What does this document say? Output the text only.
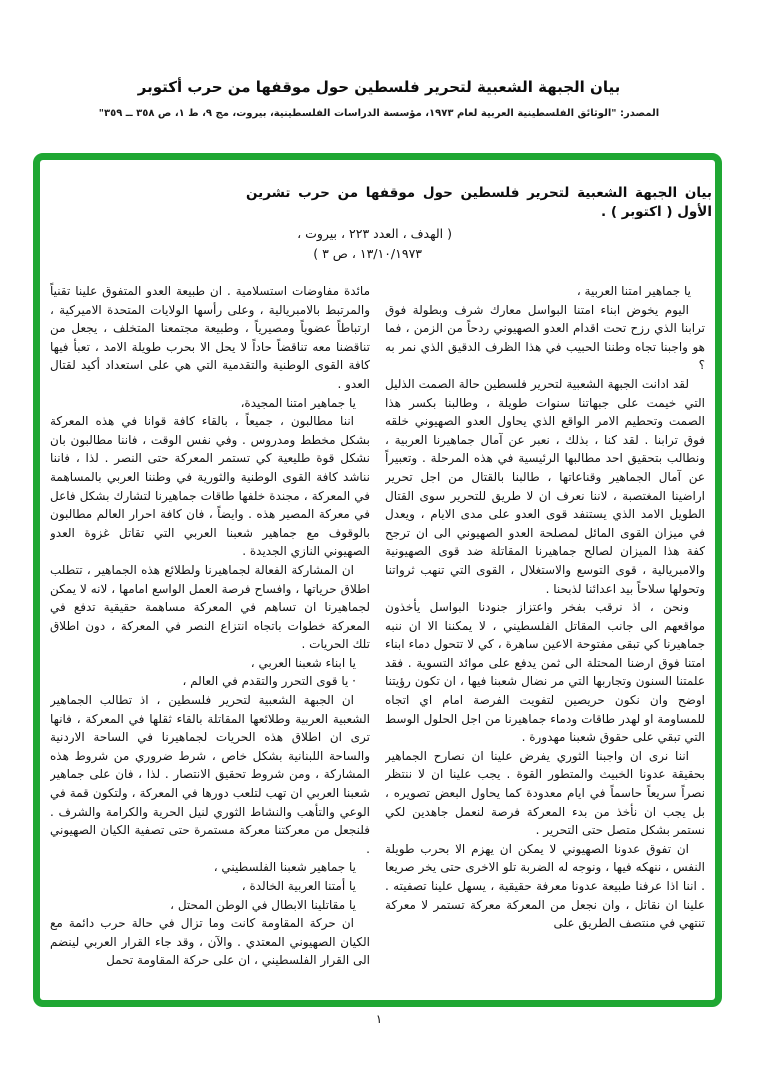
بيان الجبهة الشعبية لتحرير فلسطين حول موقفها من حرب أكتوبر
المصدر: "الوثائق الفلسطينية العربية لعام ١٩٧٣، مؤسسة الدراسات الفلسطينية، بيروت، مج ٩، ط ١، ص ٣٥٨ ــ ٣٥٩"
بيان الجبهة الشعبية لتحرير فلسطين حول موقفها من حرب تشرين الأول ( اكتوبر ) .
( الهدف ، العدد ٢٢٣ ، بيروت ،
١٣/١٠/١٩٧٣ ، ص ٣ )

يا جماهير امتنا العربية ،

اليوم يخوض ابناء امتنا البواسل معارك شرف وبطولة فوق ترابنا الذي رزح تحت اقدام العدو الصهيوني ردحاً من الزمن ، فما هو واجبنا تجاه وطننا الحبيب في هذا الظرف الدقيق الذي نمر به ؟

لقد ادانت الجبهة الشعبية لتحرير فلسطين حالة الصمت الذليل التي خيمت على جبهاتنا سنوات طويلة ، وطالبنا بكسر هذا الصمت وتحطيم الامر الواقع الذي يحاول العدو الصهيوني خلقه فوق ترابنا . لقد كنا ، بذلك ، نعبر عن آمال جماهيرنا العربية ، ونطالب بتحقيق احد مطالبها الرئيسية في هذه المرحلة . وتعبيراً عن آمال الجماهير وقناعاتها ، طالبنا بالقتال من اجل تحرير اراضينا المغتصبة ، لاننا نعرف ان لا طريق للتحرير سوى القتال الطويل الامد الذي يستنفد قوى العدو على مدى الايام ، ويعدل في ميزان القوى المائل لمصلحة العدو الصهيوني الى ان ترجح كفة هذا الميزان لصالح جماهيرنا المقاتلة ضد قوى الصهيونية والامبريالية ، قوى التوسع والاستغلال ، القوى التي تنهب ثرواتنا وتحولها سلاحاً بيد اعدائنا لذبحنا .

ونحن ، اذ نرقب بفخر واعتزاز جنودنا البواسل يأخذون مواقعهم الى جانب المقاتل الفلسطيني ، لا يمكننا الا ان ننبه جماهيرنا كي تبقى مفتوحة الاعين ساهرة ، كي لا تتحول دماء ابناء امتنا فوق ارضنا المحتلة الى ثمن يدفع على موائد التسوية . فقد علمتنا السنون وتجاربها التي مر نضال شعبنا فيها ، ان تكون رؤيتنا اوضح وان نكون حريصين لتفويت الفرصة امام اي اتجاه للمساومة او لهدر طاقات ودماء جماهيرنا من اجل الحلول الوسط التي تبقي على حقوق شعبنا مهدورة .

اننا نرى ان واجبنا الثوري يفرض علينا ان نصارح الجماهير بحقيقة عدونا الخبيث والمتطور القوة . يجب علينا ان لا ننتظر نصراً سريعاً حاسماً في ايام معدودة كما يحاول البعض تصويره ، بل يجب ان نأخذ من بدء المعركة فرصة لنعمل جاهدين لكي نستمر بشكل متصل حتى التحرير .

ان تفوق عدونا الصهيوني لا يمكن ان يهزم الا بحرب طويلة النفس ، ننهكه فيها ، ونوجه له الضربة تلو الاخرى حتى يخر صريعا . اننا اذا عرفنا طبيعة عدونا معرفة حقيقية ، يسهل علينا تصفيته . علينا ان نقاتل ، وان نجعل من المعركة معركة تستمر لا معركة تنتهي في منتصف الطريق على

مائدة مفاوضات استسلامية . ان طبيعة العدو المتفوق علينا تقنياً والمرتبط بالامبريالية ، وعلى رأسها الولايات المتحدة الاميركية ، ارتباطاً عضوياً ومصيرياً ، وطبيعة مجتمعنا المتخلف ، يجعل من تناقضنا معه تناقضاً حاداً لا يحل الا بحرب طويلة الامد ، تعبأ فيها كافة القوى الوطنية والتقدمية التي هي على استعداد أكيد لقتال العدو .

يا جماهير امتنا المجيدة،

اننا مطالبون ، جميعاً ، بالقاء كافة قوانا في هذه المعركة بشكل مخطط ومدروس . وفي نفس الوقت ، فاننا مطالبون بان نشكل قوة طليعية كي تستمر المعركة حتى النصر . لذا ، فاننا نناشد كافة القوى الوطنية والثورية في وطننا العربي بالمساهمة في المعركة ، مجندة خلفها طاقات جماهيرنا لتشارك بشكل فاعل في معركة المصير هذه . وايضاً ، فان كافة احرار العالم مطالبون بالوقوف مع جماهير شعبنا العربي التي تقاتل غزوة العدو الصهيوني النازي الجديدة .

ان المشاركة الفعالة لجماهيرنا ولطلائع هذه الجماهير ، تتطلب اطلاق حرياتها ، وافساح فرصة العمل الواسع امامها ، لانه لا يمكن لجماهيرنا ان تساهم في المعركة مساهمة حقيقية تدفع في المعركة خطوات باتجاه انتزاع النصر في المعركة ، دون اطلاق تلك الحريات .

يا ابناء شعبنا العربي ،

· يا قوى التحرر والتقدم في العالم ،

ان الجبهة الشعبية لتحرير فلسطين ، اذ تطالب الجماهير الشعبية العربية وطلائعها المقاتلة بالقاء ثقلها في المعركة ، فانها ترى ان اطلاق هذه الحريات لجماهيرنا في الساحة الاردنية والساحة اللبنانية بشكل خاص ، شرط ضروري من شروط هذه المشاركة ، ومن شروط تحقيق الانتصار . لذا ، فان على جماهير شعبنا العربي ان تهب لتلعب دورها في المعركة ، ولتكون قمة في الوعي والتأهب والنشاط الثوري لنيل الحرية والكرامة والشرف . فلنجعل من معركتنا معركة مستمرة حتى تصفية الكيان الصهيوني .

يا جماهير شعبنا الفلسطيني ،

يا أمتنا العربية الخالدة ،

يا مقاتلينا الابطال في الوطن المحتل ،

ان حركة المقاومة كانت وما تزال في حالة حرب دائمة مع الكيان الصهيوني المعتدي . والآن ، وقد جاء القرار العربي لينضم الى القرار الفلسطيني ، ان على حركة المقاومة تحمل

١
